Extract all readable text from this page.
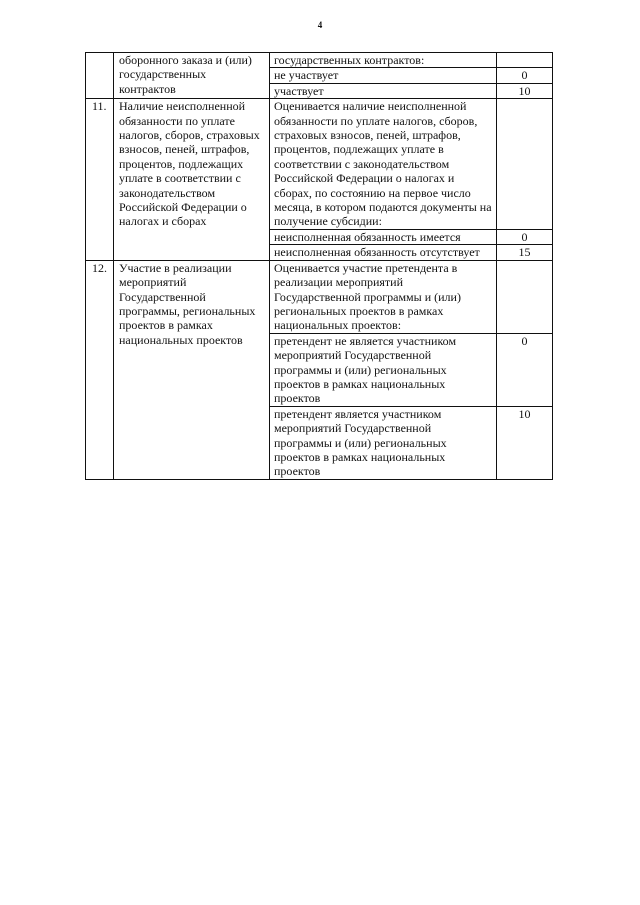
4
	оборонного заказа и (или) государственных контрактов	государственных контрактов:	
		не участвует	0
		участвует	10
11.	Наличие неисполненной обязанности по уплате налогов, сборов, страховых взносов, пеней, штрафов, процентов, подлежащих уплате в соответствии с законодательством Российской Федерации о налогах и сборах	Оценивается наличие неисполненной обязанности по уплате налогов, сборов, страховых взносов, пеней, штрафов, процентов, подлежащих уплате в соответствии с законодательством Российской Федерации о налогах и сборах, по состоянию на первое число месяца, в котором подаются документы на получение субсидии:	
		неисполненная обязанность имеется	0
		неисполненная обязанность отсутствует	15
12.	Участие в реализации мероприятий Государственной программы, региональных проектов в рамках национальных проектов	Оценивается участие претендента в реализации мероприятий Государственной программы и (или) региональных проектов в рамках национальных проектов:	
		претендент не является участником мероприятий Государственной программы и (или) региональных проектов в рамках национальных проектов	0
		претендент является участником мероприятий Государственной программы и (или) региональных проектов в рамках национальных проектов	10
